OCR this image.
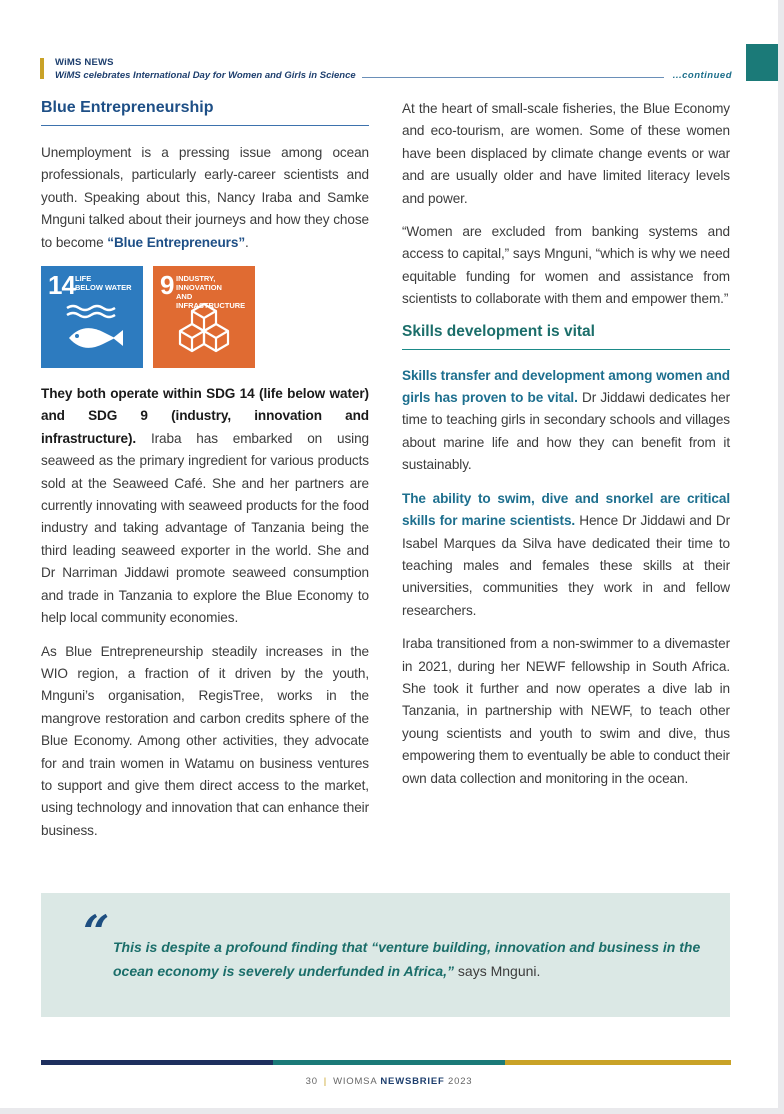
WiMS NEWS
WiMS celebrates International Day for Women and Girls in Science	...continued
Blue Entrepreneurship

Unemployment is a pressing issue among ocean professionals, particularly early-career scientists and youth. Speaking about this, Nancy Iraba and Samke Mnguni talked about their journeys and how they chose to become “Blue Entrepreneurs”.

14 LIFE
BELOW WATER 9 INDUSTRY, INNOVATION
AND INFRASTRUCTURE

They both operate within SDG 14 (life below water) and SDG 9 (industry, innovation and infrastructure). Iraba has embarked on using seaweed as the primary ingredient for various products sold at the Seaweed Café. She and her partners are currently innovating with seaweed products for the food industry and taking advantage of Tanzania being the third leading seaweed exporter in the world. She and Dr Narriman Jiddawi promote seaweed consumption and trade in Tanzania to explore the Blue Economy to help local community economies.

As Blue Entrepreneurship steadily increases in the WIO region, a fraction of it driven by the youth, Mnguni’s organisation, RegisTree, works in the mangrove restoration and carbon credits sphere of the Blue Economy. Among other activities, they advocate for and train women in Watamu on business ventures to support and give them direct access to the market, using technology and innovation that can enhance their business.

At the heart of small-scale fisheries, the Blue Economy and eco-tourism, are women. Some of these women have been displaced by climate change events or war and are usually older and have limited literacy levels and power.

“Women are excluded from banking systems and access to capital,” says Mnguni, “which is why we need equitable funding for women and assistance from scientists to collaborate with them and empower them.”

Skills development is vital

Skills transfer and development among women and girls has proven to be vital. Dr Jiddawi dedicates her time to teaching girls in secondary schools and villages about marine life and how they can benefit from it sustainably.

The ability to swim, dive and snorkel are critical skills for marine scientists. Hence Dr Jiddawi and Dr Isabel Marques da Silva have dedicated their time to teaching males and females these skills at their universities, communities they work in and fellow researchers.

Iraba transitioned from a non-swimmer to a divemaster in 2021, during her NEWF fellowship in South Africa. She took it further and now operates a dive lab in Tanzania, in partnership with NEWF, to teach other young scientists and youth to swim and dive, thus empowering them to eventually be able to conduct their own data collection and monitoring in the ocean.

“ This is despite a profound finding that “venture building, innovation and business in the ocean economy is severely underfunded in Africa,” says Mnguni.
30 | WIOMSA NEWSBRIEF 2023
